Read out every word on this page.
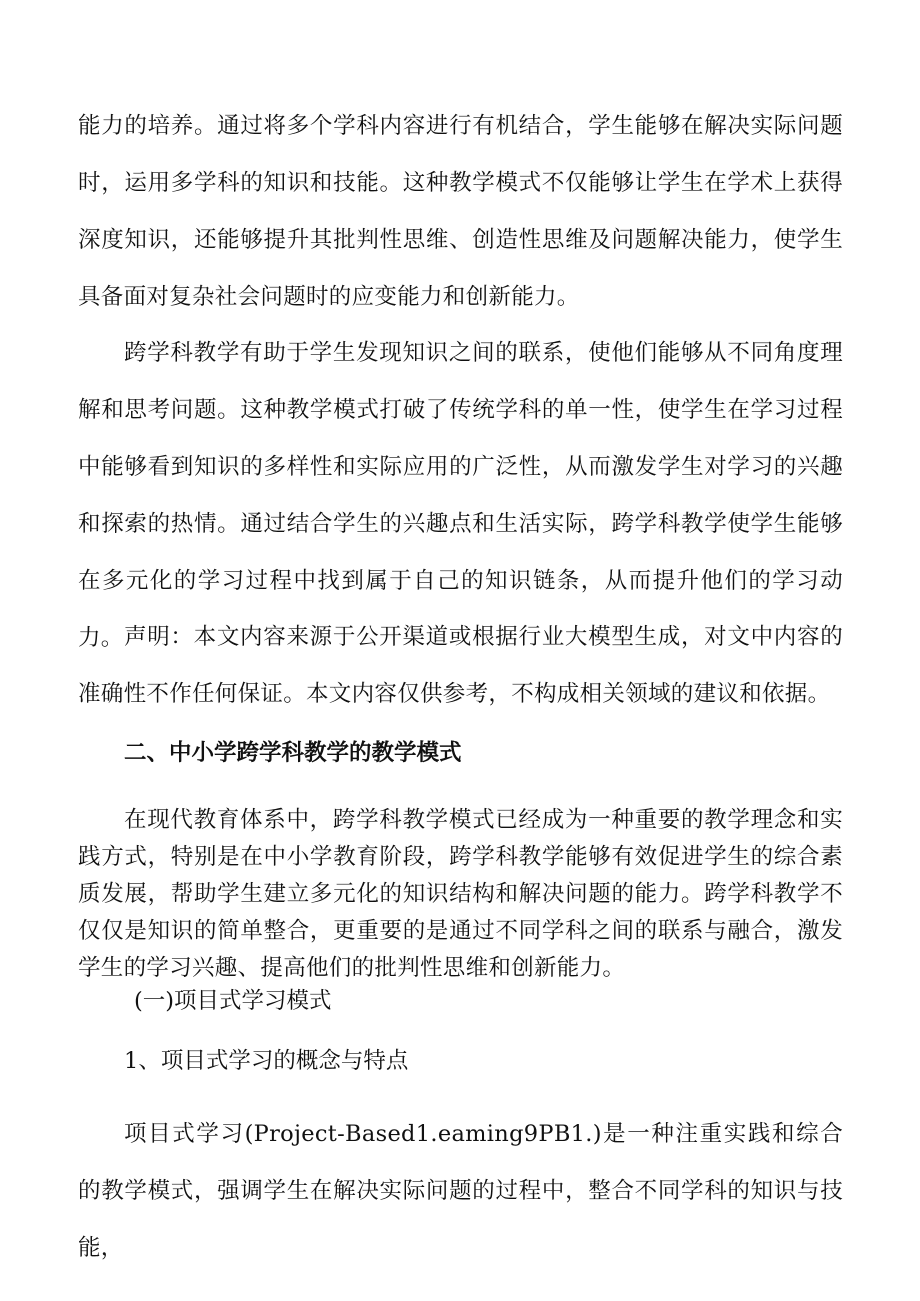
能力的培养。通过将多个学科内容进行有机结合，学生能够在解决实际问题时，运用多学科的知识和技能。这种教学模式不仅能够让学生在学术上获得深度知识，还能够提升其批判性思维、创造性思维及问题解决能力，使学生具备面对复杂社会问题时的应变能力和创新能力。

跨学科教学有助于学生发现知识之间的联系，使他们能够从不同角度理解和思考问题。这种教学模式打破了传统学科的单一性，使学生在学习过程中能够看到知识的多样性和实际应用的广泛性，从而激发学生对学习的兴趣和探索的热情。通过结合学生的兴趣点和生活实际，跨学科教学使学生能够在多元化的学习过程中找到属于自己的知识链条，从而提升他们的学习动力。 声明：本文内容来源于公开渠道或根据行业大模型生成，对文中内容的准确性不作任何保证。本文内容仅供参考，不构成相关领域的建议和依据。

二、中小学跨学科教学的教学模式

在现代教育体系中，跨学科教学模式已经成为一种重要的教学理念和实践方式，特别是在中小学教育阶段，跨学科教学能够有效促进学生的综合素质发展，帮助学生建立多元化的知识结构和解决问题的能力。跨学科教学不仅仅是知识的简单整合，更重要的是通过不同学科之间的联系与融合，激发学生的学习兴趣、提高他们的批判性思维和创新能力。

(一)项目式学习模式
1、项目式学习的概念与特点

项目式学习(Project-Based1.eaming9PB1.)是一种注重实践和综合的教学模式，强调学生在解决实际问题的过程中，整合不同学科的知识与技能，
